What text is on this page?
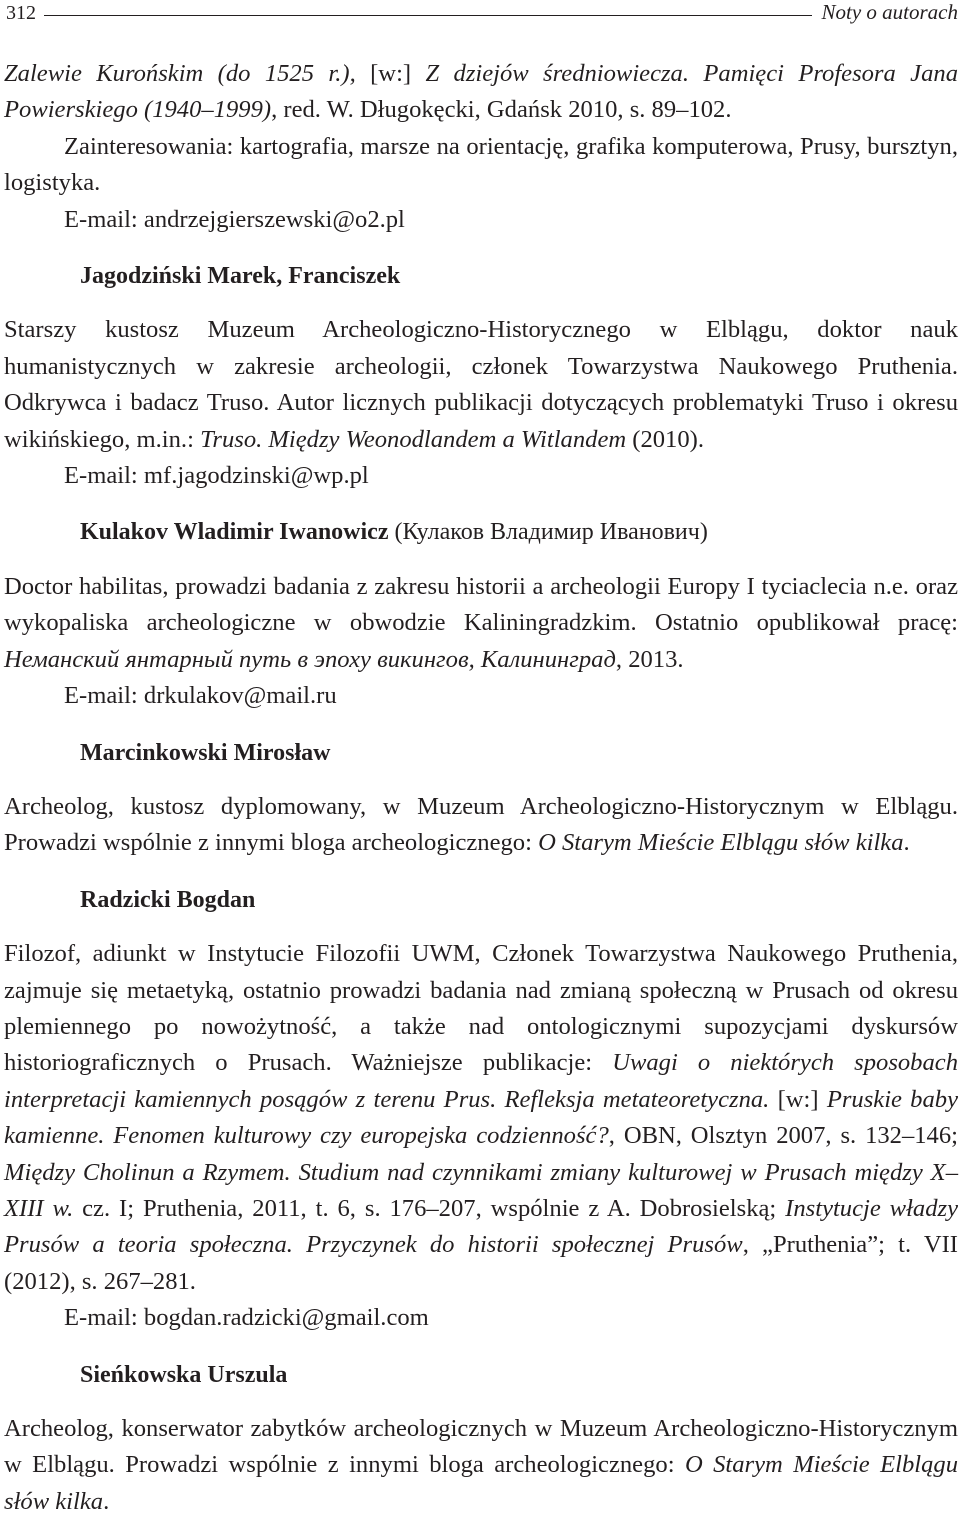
312	Noty o autorach

Zalewie Kurońskim (do 1525 r.), [w:] Z dziejów średniowiecza. Pamięci Profesora Jana Powierskiego (1940–1999), red. W. Długokęcki, Gdańsk 2010, s. 89–102.

Zainteresowania: kartografia, marsze na orientację, grafika komputerowa, Prusy, bursztyn, logistyka.

E-mail: andrzejgierszewski@o2.pl

Jagodziński Marek, Franciszek

Starszy kustosz Muzeum Archeologiczno-Historycznego w Elblągu, doktor nauk humanistycznych w zakresie archeologii, członek Towarzystwa Naukowego Pruthenia. Odkrywca i badacz Truso. Autor licznych publikacji dotyczących problematyki Truso i okresu wikińskiego, m.in.: Truso. Między Weonodlandem a Witlandem (2010).

E-mail: mf.jagodzinski@wp.pl

Kulakov Wladimir Iwanowicz (Кулаков Владимир Иванович)

Doctor habilitas, prowadzi badania z zakresu historii a archeologii Europy I tyciaclecia n.e. oraz wykopaliska archeologiczne w obwodzie Kaliningradzkim. Ostatnio opublikował pracę: Неманский янтарный путь в эпоху викингов, Калининград, 2013.

E-mail: drkulakov@mail.ru

Marcinkowski Mirosław

Archeolog, kustosz dyplomowany, w Muzeum Archeologiczno-Historycznym w Elblągu. Prowadzi wspólnie z innymi bloga archeologicznego: O Starym Mieście Elblągu słów kilka.

Radzicki Bogdan

Filozof, adiunkt w Instytucie Filozofii UWM, Członek Towarzystwa Naukowego Pruthenia, zajmuje się metaetyką, ostatnio prowadzi badania nad zmianą społeczną w Prusach od okresu plemiennego po nowożytność, a także nad ontologicznymi supozycjami dyskursów historiograficznych o Prusach. Ważniejsze publikacje: Uwagi o niektórych sposobach interpretacji kamiennych posągów z terenu Prus. Refleksja metateoretyczna. [w:] Pruskie baby kamienne. Fenomen kulturowy czy europejska codzienność?, OBN, Olsztyn 2007, s. 132–146; Między Cholinun a Rzymem. Studium nad czynnikami zmiany kulturowej w Prusach między X–XIII w. cz. I; Pruthenia, 2011, t. 6, s. 176–207, wspólnie z A. Dobrosielską; Instytucje władzy Prusów a teoria społeczna. Przyczynek do historii społecznej Prusów, „Pruthenia”; t. VII (2012), s. 267–281.

E-mail: bogdan.radzicki@gmail.com

Sieńkowska Urszula

Archeolog, konserwator zabytków archeologicznych w Muzeum Archeologiczno-Historycznym w Elblągu. Prowadzi wspólnie z innymi bloga archeologicznego: O Starym Mieście Elblągu słów kilka.
